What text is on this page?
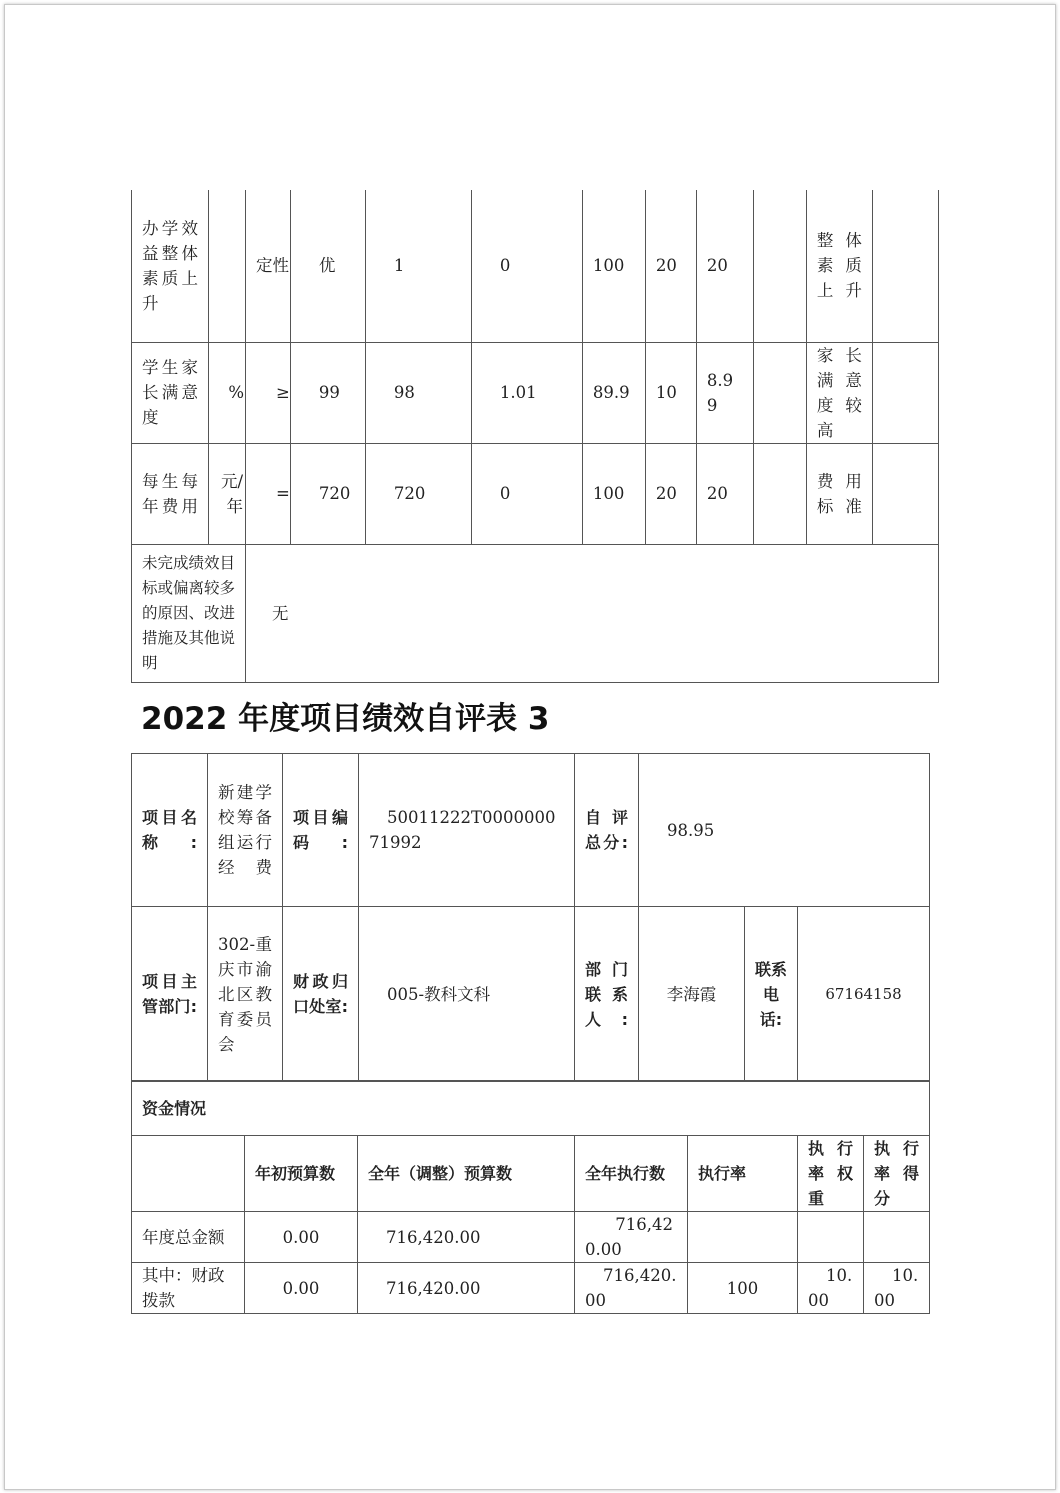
办学效益整体素质上升		定性	优	1	0	100	20	20		整体素质上升	
学生家长满意度	%	≥	99	98	1.01	89.9	10	8.99		家长满意度较高	
每生每年费用	元/年	=	720	720	0	100	20	20		费用标准	
未完成绩效目标或偏离较多的原因、改进措施及其他说明		无									
2022 年度项目绩效自评表 3
项目名称:	新建学校筹备组运行经费	项目编码:	50011222T000000071992	自评总分:	98.95		
项目主管部门:	302-重庆市渝北区教育委员会	财政归口处室:	005-教科文科	部门联系人:	李海霞	联系电话:	67164158
资金情况						
	年初预算数	全年（调整）预算数	全年执行数	执行率	执行率权重	执行率得分
年度总金额	0.00	716,420.00	716,420.00			
其中：财政拨款	0.00	716,420.00	716,420.00	100	10.00	10.00
